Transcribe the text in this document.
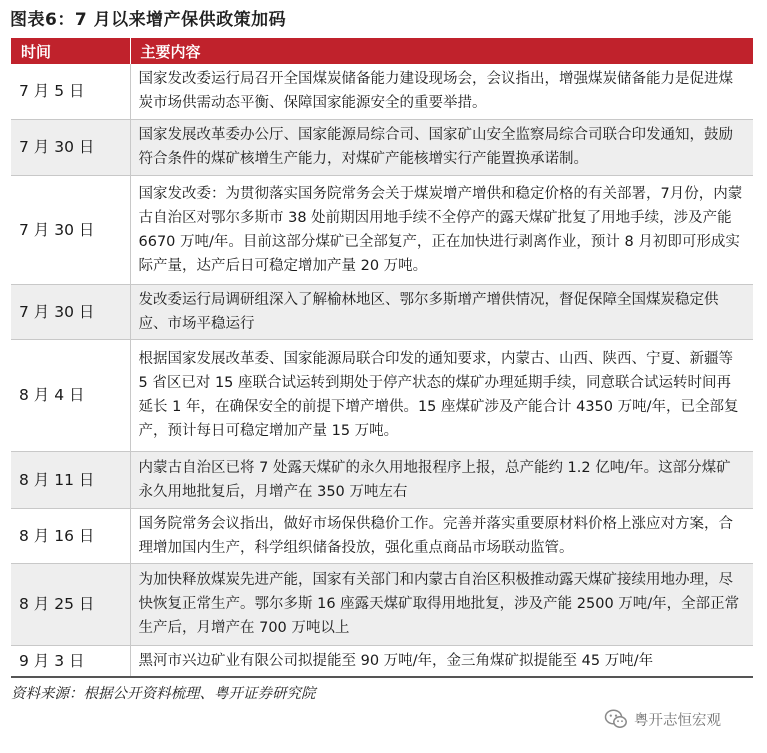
图表6：7 月以来增产保供政策加码
时间	主要内容
7 月 5 日	国家发改委运行局召开全国煤炭储备能力建设现场会，会议指出，增强煤炭储备能力是促进煤炭市场供需动态平衡、保障国家能源安全的重要举措。
7 月 30 日	国家发展改革委办公厅、国家能源局综合司、国家矿山安全监察局综合司联合印发通知，鼓励符合条件的煤矿核增生产能力，对煤矿产能核增实行产能置换承诺制。
7 月 30 日	国家发改委：为贯彻落实国务院常务会关于煤炭增产增供和稳定价格的有关部署，7月份，内蒙古自治区对鄂尔多斯市 38 处前期因用地手续不全停产的露天煤矿批复了用地手续，涉及产能 6670 万吨/年。目前这部分煤矿已全部复产，正在加快进行剥离作业，预计 8 月初即可形成实际产量，达产后日可稳定增加产量 20 万吨。
7 月 30 日	发改委运行局调研组深入了解榆林地区、鄂尔多斯增产增供情况，督促保障全国煤炭稳定供应、市场平稳运行
8 月 4 日	根据国家发展改革委、国家能源局联合印发的通知要求，内蒙古、山西、陕西、宁夏、新疆等 5 省区已对 15 座联合试运转到期处于停产状态的煤矿办理延期手续，同意联合试运转时间再延长 1 年，在确保安全的前提下增产增供。15 座煤矿涉及产能合计 4350 万吨/年，已全部复产，预计每日可稳定增加产量 15 万吨。
8 月 11 日	内蒙古自治区已将 7 处露天煤矿的永久用地报程序上报，总产能约 1.2 亿吨/年。这部分煤矿永久用地批复后，月增产在 350 万吨左右
8 月 16 日	国务院常务会议指出，做好市场保供稳价工作。完善并落实重要原材料价格上涨应对方案，合理增加国内生产，科学组织储备投放，强化重点商品市场联动监管。
8 月 25 日	为加快释放煤炭先进产能，国家有关部门和内蒙古自治区积极推动露天煤矿接续用地办理，尽快恢复正常生产。鄂尔多斯 16 座露天煤矿取得用地批复，涉及产能 2500 万吨/年，全部正常生产后，月增产在 700 万吨以上
9 月 3 日	黑河市兴边矿业有限公司拟提能至 90 万吨/年，金三角煤矿拟提能至 45 万吨/年
资料来源：根据公开资料梳理、粤开证券研究院
粤开志恒宏观
